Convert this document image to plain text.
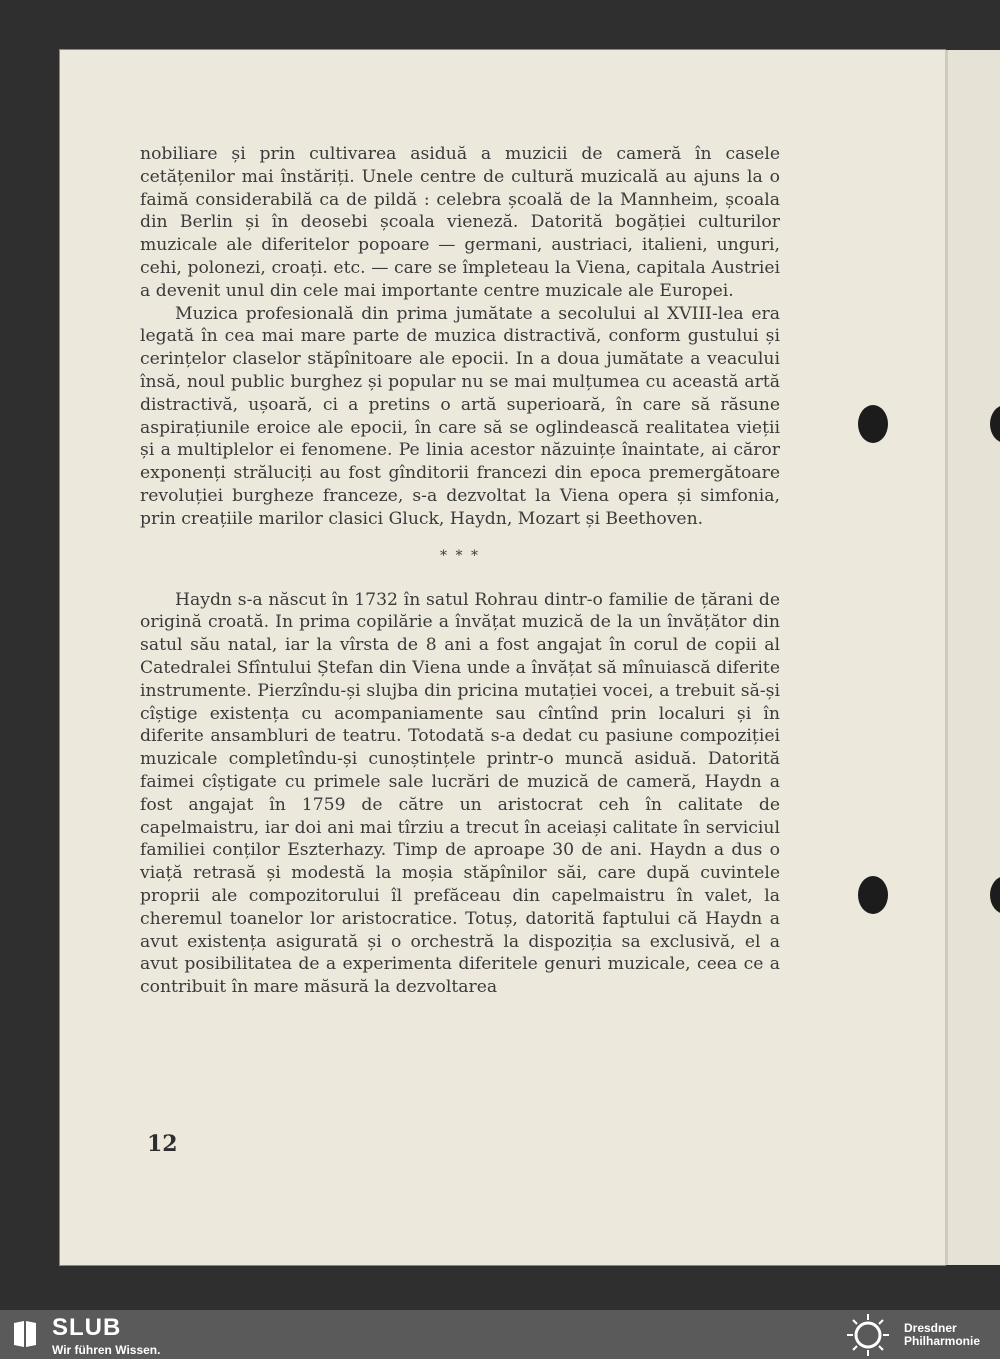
nobiliare și prin cultivarea asiduă a muzicii de cameră în casele cetățenilor mai înstăriți. Unele centre de cultură muzicală au ajuns la o faimă considerabilă ca de pildă : celebra școală de la Mannheim, școala din Berlin și în deosebi școala vieneză. Datorită bogăției culturilor muzicale ale diferitelor popoare — germani, austriaci, italieni, unguri, cehi, polonezi, croați. etc. — care se împleteau la Viena, capitala Austriei a devenit unul din cele mai importante centre muzicale ale Europei.

Muzica profesională din prima jumătate a secolului al XVIII-lea era legată în cea mai mare parte de muzica distractivă, conform gustului și cerințelor claselor stăpînitoare ale epocii. In a doua jumătate a veacului însă, noul public burghez și popular nu se mai mulțumea cu această artă distractivă, ușoară, ci a pretins o artă superioară, în care să răsune aspirațiunile eroice ale epocii, în care să se oglindească realitatea vieții și a multiplelor ei fenomene. Pe linia acestor năzuințe înaintate, ai căror exponenți străluciți au fost gînditorii francezi din epoca premergătoare revoluției burgheze franceze, s-a dezvoltat la Viena opera și simfonia, prin creațiile marilor clasici Gluck, Haydn, Mozart și Beethoven.

* * *

Haydn s-a născut în 1732 în satul Rohrau dintr-o familie de țărani de origină croată. In prima copilărie a învățat muzică de la un învățător din satul său natal, iar la vîrsta de 8 ani a fost angajat în corul de copii al Catedralei Sfîntului Ștefan din Viena unde a învățat să mînuiască diferite instrumente. Pierzîndu-și slujba din pricina mutației vocei, a trebuit să-și cîștige existența cu acompaniamente sau cîntînd prin localuri și în diferite ansambluri de teatru. Totodată s-a dedat cu pasiune compoziției muzicale completîndu-și cunoștințele printr-o muncă asiduă. Datorită faimei cîștigate cu primele sale lucrări de muzică de cameră, Haydn a fost angajat în 1759 de către un aristocrat ceh în calitate de capelmaistru, iar doi ani mai tîrziu a trecut în aceiași calitate în serviciul familiei conților Eszterhazy. Timp de aproape 30 de ani. Haydn a dus o viață retrasă și modestă la moșia stăpînilor săi, care după cuvintele proprii ale compozitorului îl prefăceau din capelmaistru în valet, la cheremul toanelor lor aristocratice. Totuș, datorită faptului că Haydn a avut existența asigurată și o orchestră la dispoziția sa exclusivă, el a avut posibilitatea de a experimenta diferitele genuri muzicale, ceea ce a contribuit în mare măsură la dezvoltarea

12
SLUB
Wir führen Wissen.
Dresdner
Philharmonie
